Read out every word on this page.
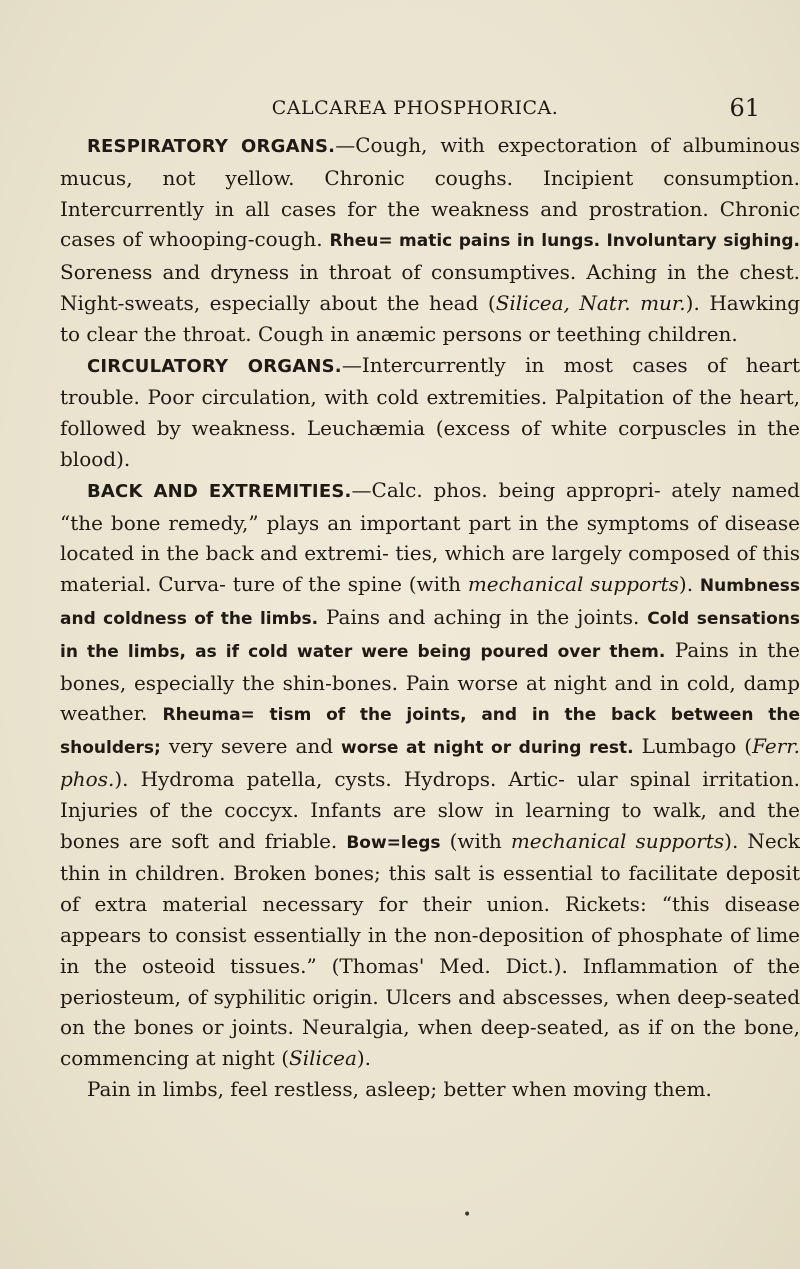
CALCAREA PHOSPHORICA.	61

RESPIRATORY ORGANS.—Cough, with expectoration of albuminous mucus, not yellow. Chronic coughs. Incipient consumption. Intercurrently in all cases for the weakness and prostration. Chronic cases of whooping-cough. Rheu= matic pains in lungs. Involuntary sighing. Soreness and dryness in throat of consumptives. Aching in the chest. Night-sweats, especially about the head (Silicea, Natr. mur.). Hawking to clear the throat. Cough in anæmic persons or teething children.

CIRCULATORY ORGANS.—Intercurrently in most cases of heart trouble. Poor circulation, with cold extremities. Palpitation of the heart, followed by weakness. Leuchæmia (excess of white corpuscles in the blood).

BACK AND EXTREMITIES.—Calc. phos. being appropri- ately named “the bone remedy,” plays an important part in the symptoms of disease located in the back and extremi- ties, which are largely composed of this material. Curva- ture of the spine (with mechanical supports). Numbness and coldness of the limbs. Pains and aching in the joints. Cold sensations in the limbs, as if cold water were being poured over them. Pains in the bones, especially the shin-bones. Pain worse at night and in cold, damp weather. Rheuma= tism of the joints, and in the back between the shoulders; very severe and worse at night or during rest. Lumbago (Ferr. phos.). Hydroma patella, cysts. Hydrops. Artic- ular spinal irritation. Injuries of the coccyx. Infants are slow in learning to walk, and the bones are soft and friable. Bow=legs (with mechanical supports). Neck thin in children. Broken bones; this salt is essential to facilitate deposit of extra material necessary for their union. Rickets: “this disease appears to consist essentially in the non-deposition of phosphate of lime in the osteoid tissues.” (Thomas' Med. Dict.). Inflammation of the periosteum, of syphilitic origin. Ulcers and abscesses, when deep-seated on the bones or joints. Neuralgia, when deep-seated, as if on the bone, commencing at night (Silicea).

Pain in limbs, feel restless, asleep; better when moving them.

•
